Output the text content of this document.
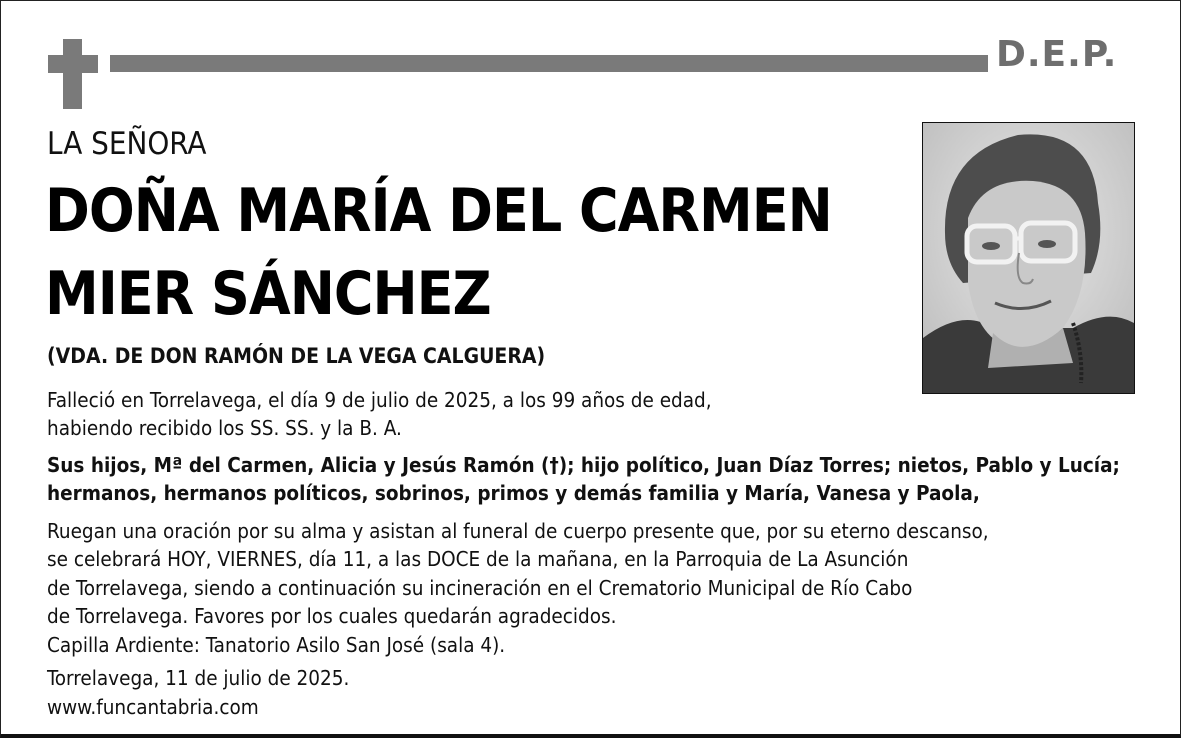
D.E.P.
LA SEÑORA
DOÑA MARÍA DEL CARMEN
MIER SÁNCHEZ
(VDA. DE DON RAMÓN DE LA VEGA CALGUERA)
Falleció en Torrelavega, el día 9 de julio de 2025, a los 99 años de edad,
habiendo recibido los SS. SS. y la B. A.
Sus hijos, Mª del Carmen, Alicia y Jesús Ramón (†); hijo político, Juan Díaz Torres; nietos, Pablo y Lucía;
hermanos, hermanos políticos, sobrinos, primos y demás familia y María, Vanesa y Paola,
Ruegan una oración por su alma y asistan al funeral de cuerpo presente que, por su eterno descanso,
se celebrará HOY, VIERNES, día 11, a las DOCE de la mañana, en la Parroquia de La Asunción
de Torrelavega, siendo a continuación su incineración en el Crematorio Municipal de Río Cabo
de Torrelavega. Favores por los cuales quedarán agradecidos.
Capilla Ardiente: Tanatorio Asilo San José (sala 4).
Torrelavega, 11 de julio de 2025.
www.funcantabria.com
